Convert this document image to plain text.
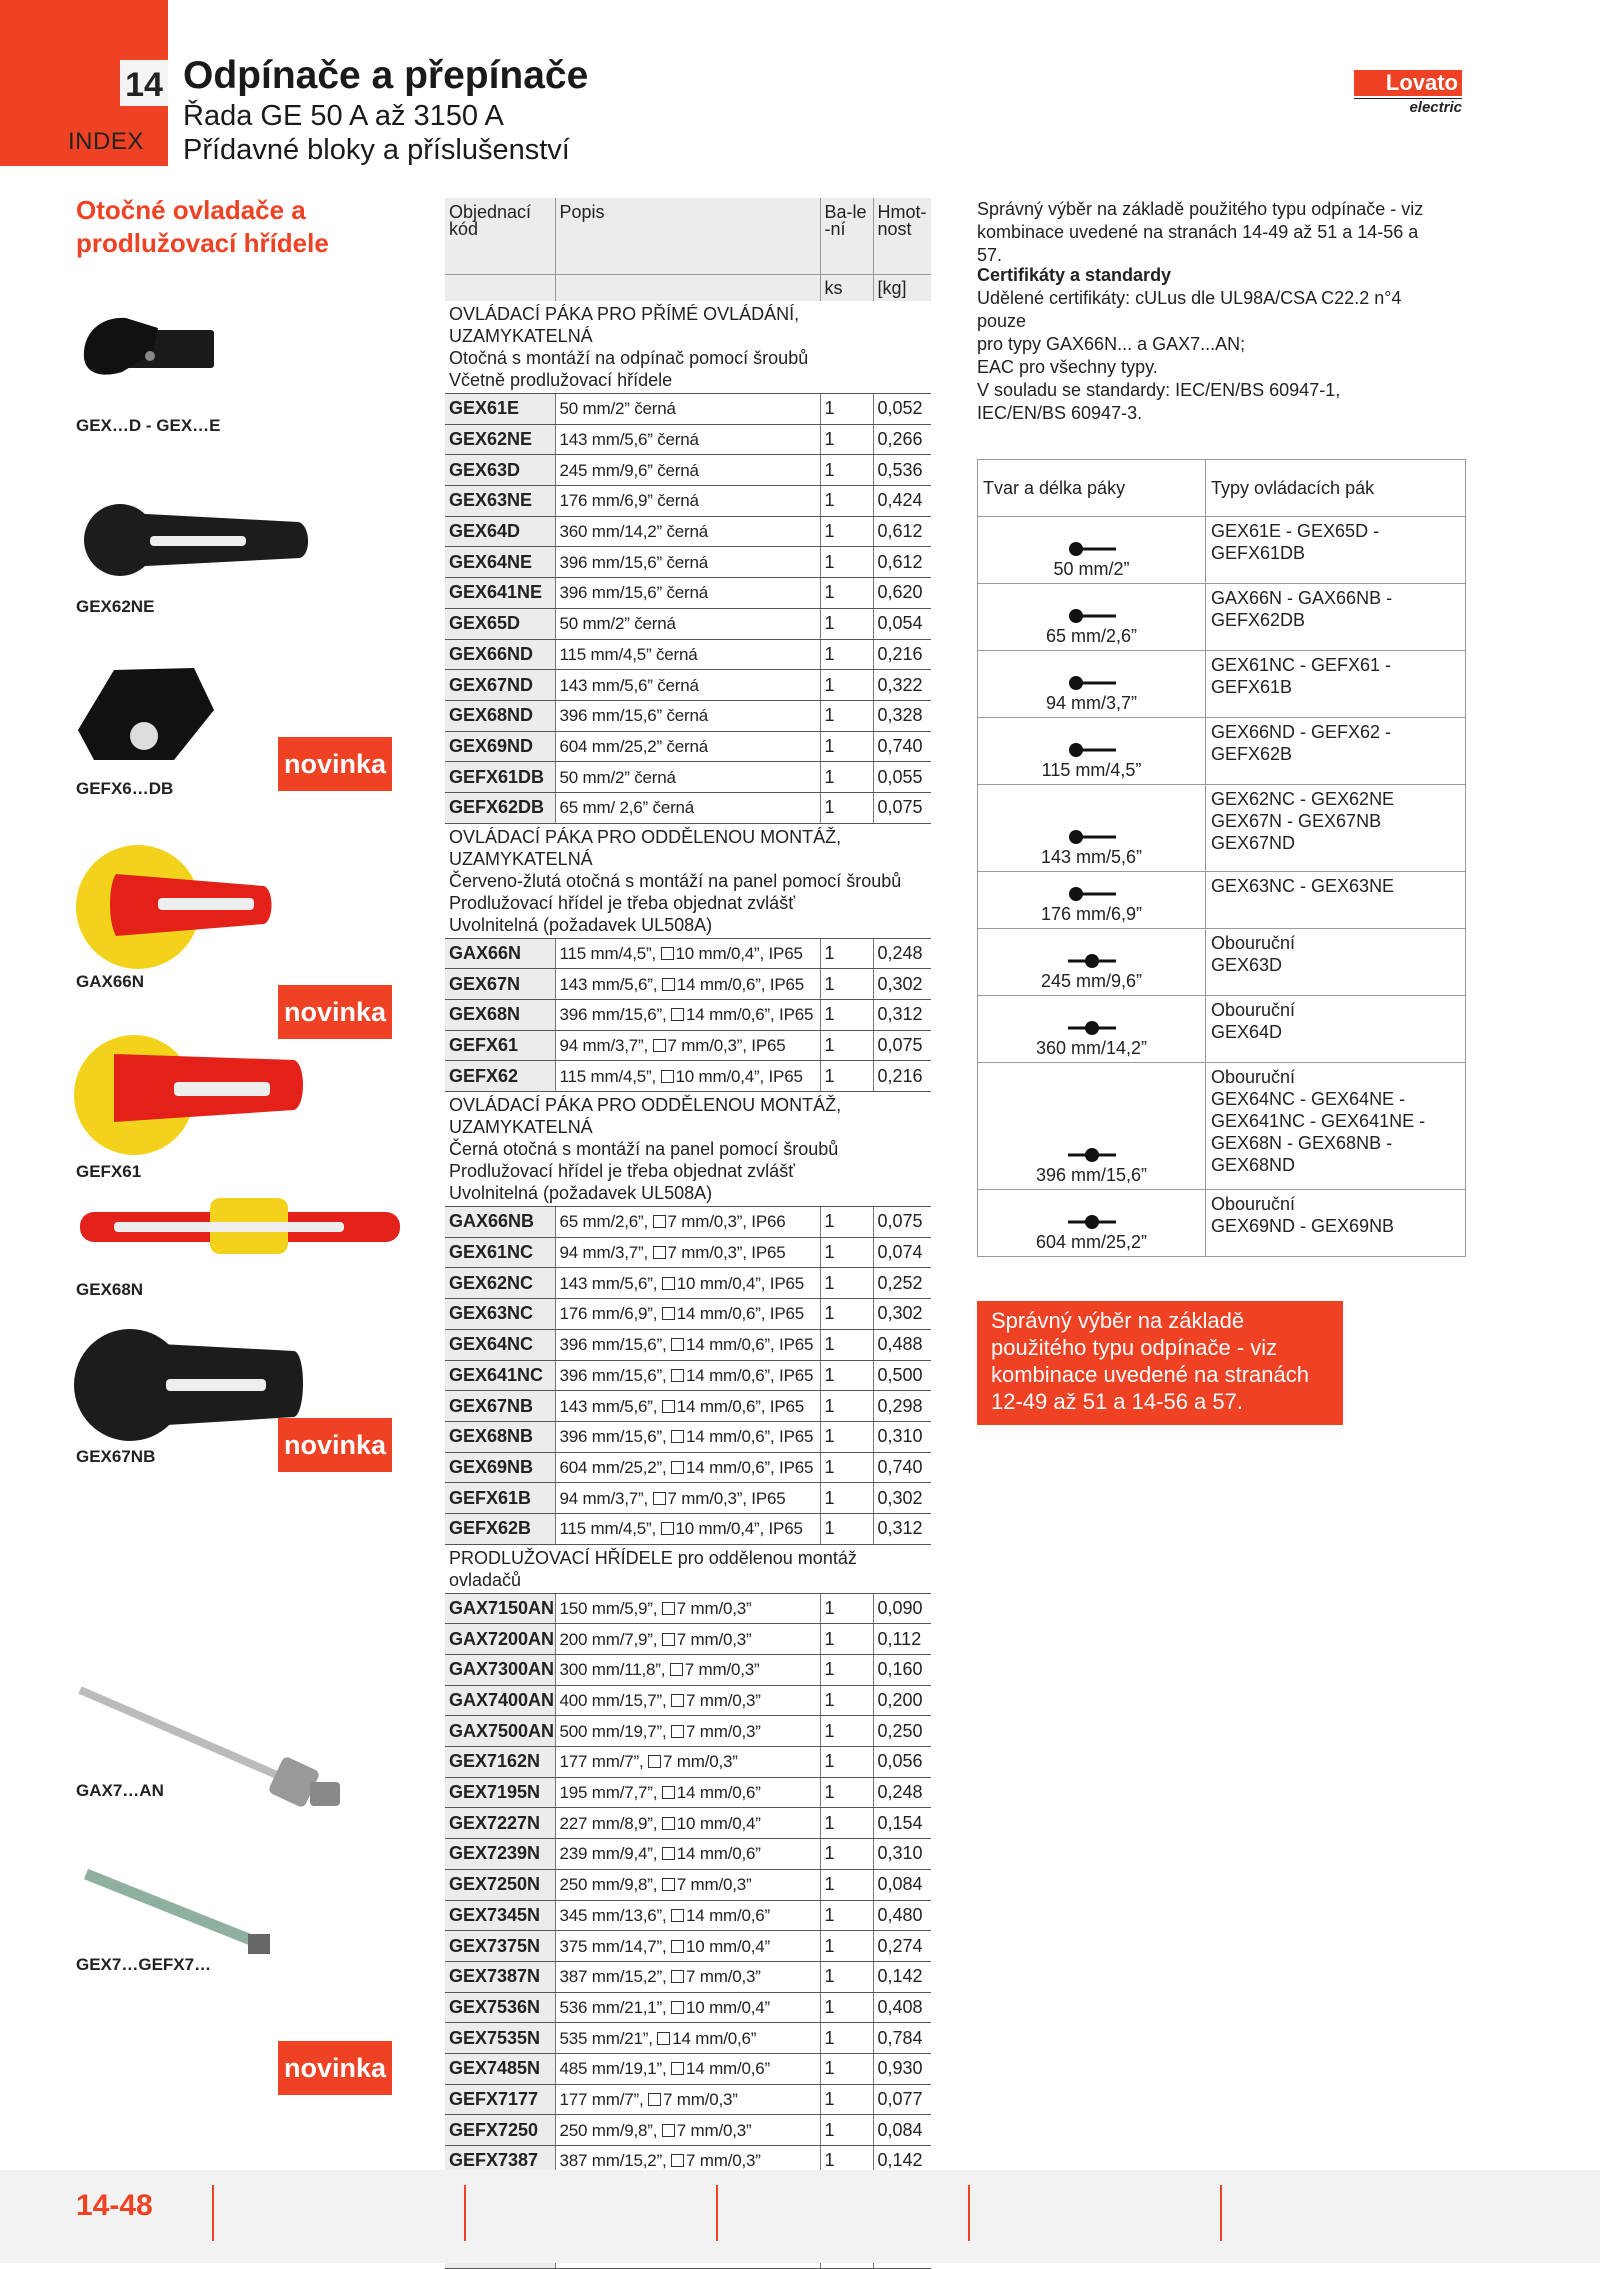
14
INDEX
Odpínače a přepínače
Řada GE 50 A až 3150 A
Přídavné bloky a příslušenství
Lovato
electric
Otočné ovladače a prodlužovací hřídele
GEX…D - GEX…E
GEX62NE
GEFX6…DB
GAX66N
GEFX61
GEX68N
GEX67NB
GAX7…AN
GEX7…GEFX7…
novinka
novinka
novinka
novinka
Objednací kód	Popis	Ba-le-ní	Hmot-nost
		ks	[kg]

OVLÁDACÍ PÁKA PRO PŘÍMÉ OVLÁDÁNÍ, UZAMYKATELNÁ
Otočná s montáží na odpínač pomocí šroubů
Včetně prodlužovací hřídele			

GEX61E	50 mm/2” černá	1	0,052
GEX62NE	143 mm/5,6” černá	1	0,266
GEX63D	245 mm/9,6” černá	1	0,536
GEX63NE	176 mm/6,9” černá	1	0,424
GEX64D	360 mm/14,2” černá	1	0,612
GEX64NE	396 mm/15,6” černá	1	0,612
GEX641NE	396 mm/15,6” černá	1	0,620
GEX65D	50 mm/2” černá	1	0,054
GEX66ND	115 mm/4,5” černá	1	0,216
GEX67ND	143 mm/5,6” černá	1	0,322
GEX68ND	396 mm/15,6” černá	1	0,328
GEX69ND	604 mm/25,2” černá	1	0,740
GEFX61DB	50 mm/2” černá	1	0,055
GEFX62DB	65 mm/ 2,6” černá	1	0,075

OVLÁDACÍ PÁKA PRO ODDĚLENOU MONTÁŽ, UZAMYKATELNÁ
Červeno-žlutá otočná s montáží na panel pomocí šroubů
Prodlužovací hřídel je třeba objednat zvlášť
Uvolnitelná (požadavek UL508A)			

GAX66N	115 mm/4,5”, 10 mm/0,4”, IP65	1	0,248
GEX67N	143 mm/5,6”, 14 mm/0,6”, IP65	1	0,302
GEX68N	396 mm/15,6”, 14 mm/0,6”, IP65	1	0,312
GEFX61	94 mm/3,7”, 7 mm/0,3”, IP65	1	0,075
GEFX62	115 mm/4,5”, 10 mm/0,4”, IP65	1	0,216

OVLÁDACÍ PÁKA PRO ODDĚLENOU MONTÁŽ, UZAMYKATELNÁ
Černá otočná s montáží na panel pomocí šroubů
Prodlužovací hřídel je třeba objednat zvlášť
Uvolnitelná (požadavek UL508A)			

GAX66NB	65 mm/2,6”, 7 mm/0,3”, IP66	1	0,075
GEX61NC	94 mm/3,7”, 7 mm/0,3”, IP65	1	0,074
GEX62NC	143 mm/5,6”, 10 mm/0,4”, IP65	1	0,252
GEX63NC	176 mm/6,9”, 14 mm/0,6”, IP65	1	0,302
GEX64NC	396 mm/15,6”, 14 mm/0,6”, IP65	1	0,488
GEX641NC	396 mm/15,6”, 14 mm/0,6”, IP65	1	0,500
GEX67NB	143 mm/5,6”, 14 mm/0,6”, IP65	1	0,298
GEX68NB	396 mm/15,6”, 14 mm/0,6”, IP65	1	0,310
GEX69NB	604 mm/25,2”, 14 mm/0,6”, IP65	1	0,740
GEFX61B	94 mm/3,7”, 7 mm/0,3”, IP65	1	0,302
GEFX62B	115 mm/4,5”, 10 mm/0,4”, IP65	1	0,312

PRODLUŽOVACÍ HŘÍDELE pro oddělenou montáž ovladačů			

GAX7150AN	150 mm/5,9”, 7 mm/0,3”	1	0,090
GAX7200AN	200 mm/7,9”, 7 mm/0,3”	1	0,112
GAX7300AN	300 mm/11,8”, 7 mm/0,3”	1	0,160
GAX7400AN	400 mm/15,7”, 7 mm/0,3”	1	0,200
GAX7500AN	500 mm/19,7”, 7 mm/0,3”	1	0,250
GEX7162N	177 mm/7”, 7 mm/0,3”	1	0,056
GEX7195N	195 mm/7,7”, 14 mm/0,6”	1	0,248
GEX7227N	227 mm/8,9”, 10 mm/0,4”	1	0,154
GEX7239N	239 mm/9,4”, 14 mm/0,6”	1	0,310
GEX7250N	250 mm/9,8”, 7 mm/0,3”	1	0,084
GEX7345N	345 mm/13,6”, 14 mm/0,6”	1	0,480
GEX7375N	375 mm/14,7”, 10 mm/0,4”	1	0,274
GEX7387N	387 mm/15,2”, 7 mm/0,3”	1	0,142
GEX7536N	536 mm/21,1”, 10 mm/0,4”	1	0,408
GEX7535N	535 mm/21”, 14 mm/0,6”	1	0,784
GEX7485N	485 mm/19,1”, 14 mm/0,6”	1	0,930
GEFX7177	177 mm/7”, 7 mm/0,3”	1	0,077
GEFX7250	250 mm/9,8”, 7 mm/0,3”	1	0,084
GEFX7387	387 mm/15,2”, 7 mm/0,3”	1	0,142

Správný výběr na základě použitého typu odpínače - viz kombinace uvedené na stranách 14-49 až 51 a 14-56 a 57.
Certifikáty a standardy
Udělené certifikáty: cULus dle UL98A/CSA C22.2 n°4 pouze
pro typy GAX66N... a GAX7...AN;
EAC pro všechny typy.
V souladu se standardy: IEC/EN/BS 60947-1,
IEC/EN/BS 60947-3.
Tvar a délka páky	Typy ovládacích pák

50 mm/2”	GEX61E - GEX65D - GEFX61DB

65 mm/2,6”	GAX66N - GAX66NB -
GEFX62DB

94 mm/3,7”	GEX61NC - GEFX61 - GEFX61B

115 mm/4,5”	GEX66ND - GEFX62 - GEFX62B

143 mm/5,6”	GEX62NC - GEX62NE
GEX67N - GEX67NB
GEX67ND

176 mm/6,9”	GEX63NC - GEX63NE

245 mm/9,6”	Obouruční
GEX63D

360 mm/14,2”	Obouruční
GEX64D

396 mm/15,6”	Obouruční
GEX64NC - GEX64NE -
GEX641NC - GEX641NE -
GEX68N - GEX68NB -
GEX68ND

604 mm/25,2”	Obouruční
GEX69ND - GEX69NB
Správný výběr na základě použitého typu odpínače - viz kombinace uvedené na stranách 12-49 až 51 a 14-56 a 57.
14-48
